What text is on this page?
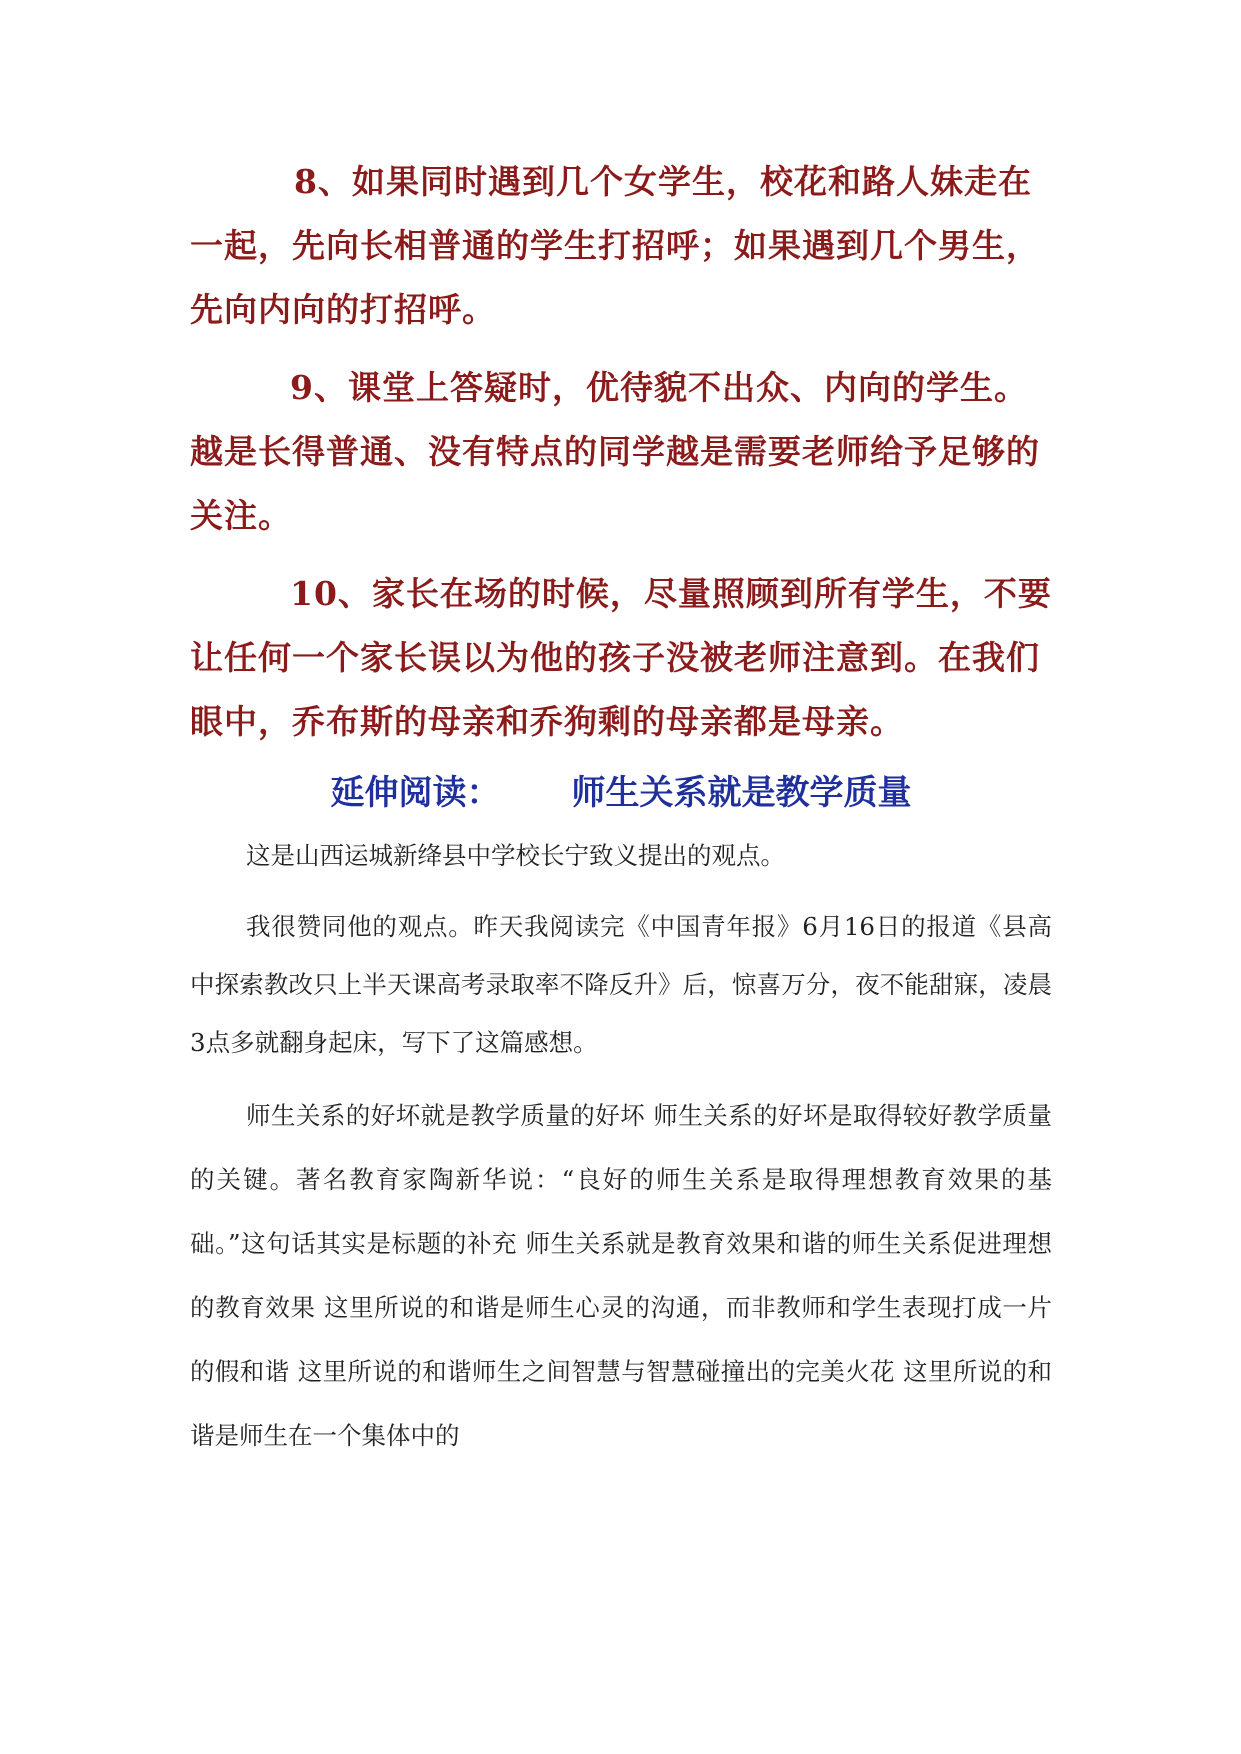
8、如果同时遇到几个女学生，校花和路人妹走在一起，先向长相普通的学生打招呼；如果遇到几个男生，先向内向的打招呼。

9、课堂上答疑时，优待貌不出众、内向的学生。越是长得普通、没有特点的同学越是需要老师给予足够的关注。

10、家长在场的时候，尽量照顾到所有学生，不要让任何一个家长误以为他的孩子没被老师注意到。在我们眼中，乔布斯的母亲和乔狗剩的母亲都是母亲。

延伸阅读：      师生关系就是教学质量

这是山西运城新绛县中学校长宁致义提出的观点。

我很赞同他的观点。昨天我阅读完《中国青年报》6月16日的报道《县高中探索教改只上半天课高考录取率不降反升》后，惊喜万分，夜不能甜寐，凌晨3点多就翻身起床，写下了这篇感想。

师生关系的好坏就是教学质量的好坏 师生关系的好坏是取得较好教学质量的关键。著名教育家陶新华说：“良好的师生关系是取得理想教育效果的基础。”这句话其实是标题的补充 师生关系就是教育效果和谐的师生关系促进理想的教育效果 这里所说的和谐是师生心灵的沟通，而非教师和学生表现打成一片的假和谐 这里所说的和谐师生之间智慧与智慧碰撞出的完美火花 这里所说的和谐是师生在一个集体中的
